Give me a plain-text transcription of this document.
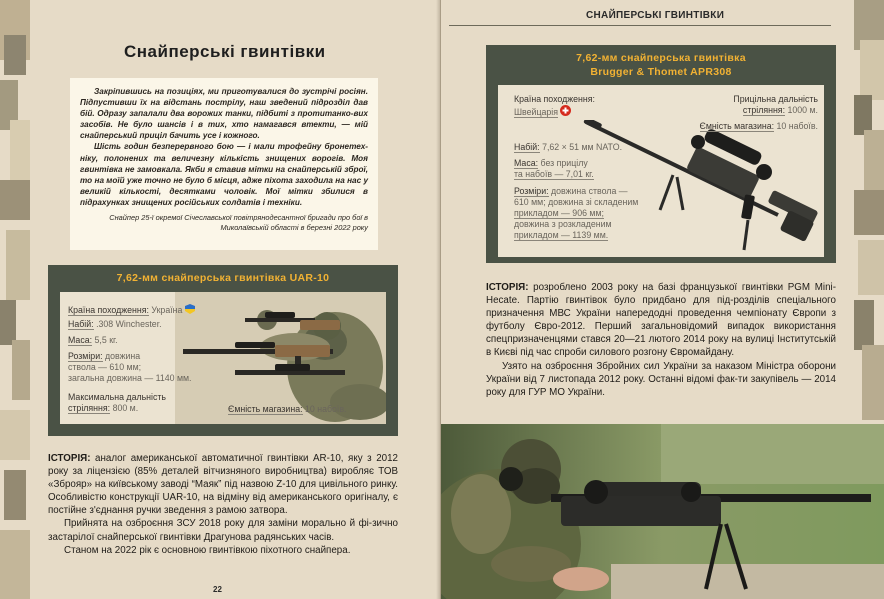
Снайперські гвинтівки
Закріпившись на позиціях, ми приготувалися до зустрічі росіян. Підпустивши їх на відстань пострілу, наш зведений підрозділ дав бій. Одразу запалали два ворожих танки, підбиті з протитанко-вих засобів. Не було шансів і в тих, хто намагався втекти, — мій снайперський приціл бачить усе і кожного.
Шість годин безперервного бою — і мали трофейну бронетех-ніку, полонених та величезну кількість знищених ворогів. Моя гвинтівка не замовкала. Якби я ставив мітки на снайперській зброї, то на моїй уже точно не було б місця, адже піхота заходила на нас у великій кількості, десятками чоловік. Мої мітки збилися в підрахунках знищених російських солдатів і техніки.
Снайпер 25-ї окремої Січеславської повітрянодесантної бригади про бої в Миколаївській області в березні 2022 року
7,62-мм снайперська гвинтівка UAR-10
Країна походження: Україна
Набій: .308 Winchester.
Маса: 5,5 кг.
Розміри: довжина
ствола — 610 мм;
загальна довжина — 1140 мм.
Максимальна дальність
стріляння: 800 м.	Ємність магазина: 10 набоїв.

ІСТОРІЯ: аналог американської автоматичної гвинтівки AR-10, яку з 2012 року за ліцензією (85% деталей вітчизняного виробництва) виробляє ТОВ «Зброяр» на київському заводі “Маяк” під назвою Z-10 для цивільного ринку. Особливістю конструкції UAR-10, на відміну від американського оригіналу, є постійне з'єднання ручки зведення з рамою затвора.

Прийнята на озброєння ЗСУ 2018 року для заміни морально й фі-зично застарілої снайперської гвинтівки Драгунова радянських часів.

Станом на 2022 рік є основною гвинтівкою піхотного снайпера.

22
СНАЙПЕРСЬКІ ГВИНТІВКИ
7,62-мм снайперська гвинтівка
Brugger & Thomet APR308
Країна походження:
Швейцарія
Прицільна дальність
стріляння: 1000 м.
Ємність магазина: 10 набоїв.
Набій: 7,62 × 51 мм NATO.
Маса: без прицілу
та набоїв — 7,01 кг.
Розміри: довжина ствола —
610 мм; довжина зі складеним
прикладом — 906 мм;
довжина з розкладеним
прикладом — 1139 мм.

ІСТОРІЯ: розроблено 2003 року на базі французької гвинтівки PGM Mini-Hecate. Партію гвинтівок було придбано для під-розділів спеціального призначення МВС України напередодні проведення чемпіонату Європи з футболу Євро-2012. Перший загальновідомий випадок використання спецпризначенцями стався 20—21 лютого 2014 року на вулиці Інститутській в Києві під час спроби силового розгону Євромайдану.

Узято на озброєння Збройних сил України за наказом Міністра оборони України від 7 листопада 2012 року. Останні відомі фак-ти закупівель — 2014 року для ГУР МО України.
